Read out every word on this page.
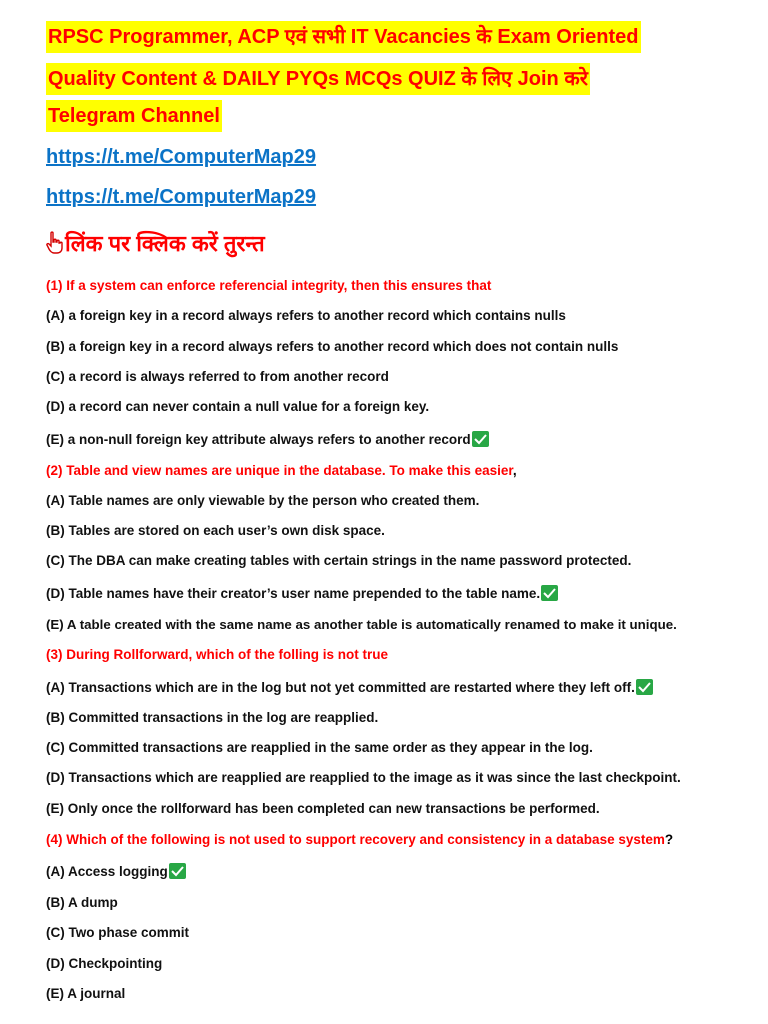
RPSC Programmer, ACP एवं सभी IT Vacancies के Exam Oriented
Quality Content & DAILY PYQs MCQs QUIZ के लिए Join करे
Telegram Channel
https://t.me/ComputerMap29
https://t.me/ComputerMap29
लिंक पर क्लिक करें तुरन्त
(1) If a system can enforce referencial integrity, then this ensures that
(A) a foreign key in a record always refers to another record which contains nulls
(B) a foreign key in a record always refers to another record which does not contain nulls
(C) a record is always referred to from another record
(D) a record can never contain a null value for a foreign key.
(E) a non-null foreign key attribute always refers to another record
(2) Table and view names are unique in the database. To make this easier,
(A) Table names are only viewable by the person who created them.
(B) Tables are stored on each user’s own disk space.
(C) The DBA can make creating tables with certain strings in the name password protected.
(D) Table names have their creator’s user name prepended to the table name.
(E) A table created with the same name as another table is automatically renamed to make it unique.
(3) During Rollforward, which of the folling is not true
(A) Transactions which are in the log but not yet committed are restarted where they left off.
(B) Committed transactions in the log are reapplied.
(C) Committed transactions are reapplied in the same order as they appear in the log.
(D) Transactions which are reapplied are reapplied to the image as it was since the last checkpoint.
(E) Only once the rollforward has been completed can new transactions be performed.
(4) Which of the following is not used to support recovery and consistency in a database system?
(A) Access logging
(B) A dump
(C) Two phase commit
(D) Checkpointing
(E) A journal
